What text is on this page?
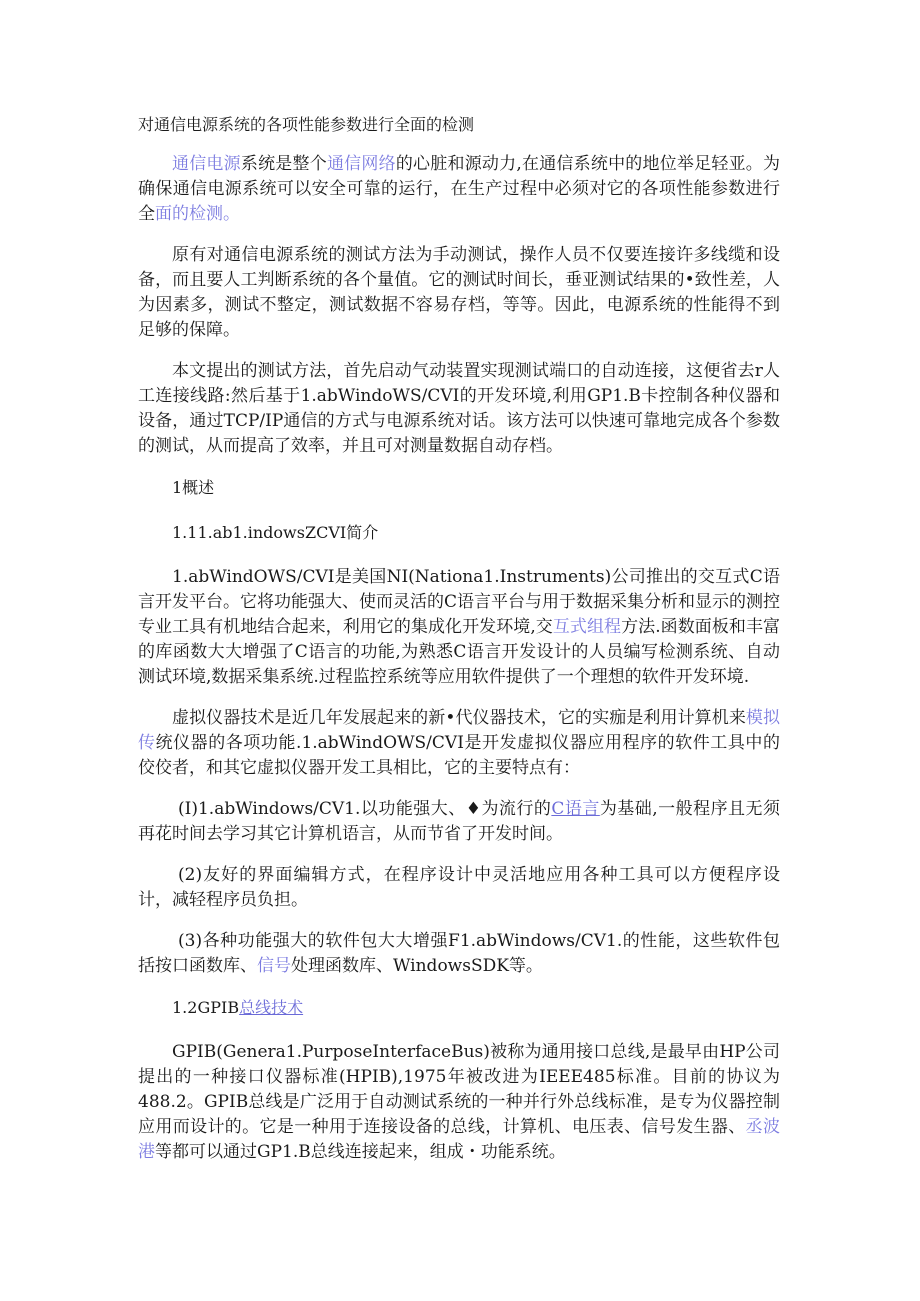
对通信电源系统的各项性能参数进行全面的检测

通信电源系统是整个通信网络的心脏和源动力,在通信系统中的地位举足轻亚。为确保通信电源系统可以安全可靠的运行，在生产过程中必须对它的各项性能参数进行全面的检测。

原有对通信电源系统的测试方法为手动测试，操作人员不仅要连接许多线缆和设备，而且要人工判断系统的各个量值。它的测试时间长，垂亚测试结果的•致性差，人为因素多，测试不整定，测试数据不容易存档，等等。因此，电源系统的性能得不到足够的保障。

本文提出的测试方法，首先启动气动装置实现测试端口的自动连接，这便省去r人工连接线路:然后基于1.abWindoWS/CVI的开发环境,利用GP1.B卡控制各种仪器和设备，通过TCP/IP通信的方式与电源系统对话。该方法可以快速可靠地完成各个参数的测试，从而提高了效率，并且可对测量数据自动存档。

1概述
1.11.ab1.indowsZCVI简介

1.abWindOWS/CVI是美国NI(Nationa1.Instruments)公司推出的交互式C语言开发平台。它将功能强大、使而灵活的C语言平台与用于数据采集分析和显示的测控专业工具有机地结合起来，利用它的集成化开发环境,交互式组程方法.函数面板和丰富的库函数大大增强了C语言的功能,为熟悉C语言开发设计的人员编写检测系统、自动测试环境,数据采集系统.过程监控系统等应用软件提供了一个理想的软件开发环境.

虚拟仪器技术是近几年发展起来的新•代仪器技术，它的实痂是利用计算机来模拟传统仪器的各项功能.1.abWindOWS/CVI是开发虚拟仪器应用程序的软件工具中的佼佼者，和其它虚拟仪器开发工具相比，它的主要特点有：

(I)1.abWindows/CV1.以功能强大、♦为流行的C语言为基础,一般程序且无须再花时间去学习其它计算机语言，从而节省了开发时间。

(2)友好的界面编辑方式，在程序设计中灵活地应用各种工具可以方便程序设计，减轻程序员负担。

(3)各种功能强大的软件包大大增强F1.abWindows/CV1.的性能，这些软件包括按口函数库、信号处理函数库、WindowsSDK等。

1.2GPIB总线技术

GPIB(Genera1.PurposeInterfaceBus)被称为通用接口总线,是最早由HP公司提出的一种接口仪器标准(HPIB),1975年被改进为IEEE485标准。目前的协议为488.2。GPIB总线是广泛用于自动测试系统的一种并行外总线标准，是专为仪器控制应用而设计的。它是一种用于连接设备的总线，计算机、电压表、信号发生器、丞波港等都可以通过GP1.B总线连接起来，组成・功能系统。
